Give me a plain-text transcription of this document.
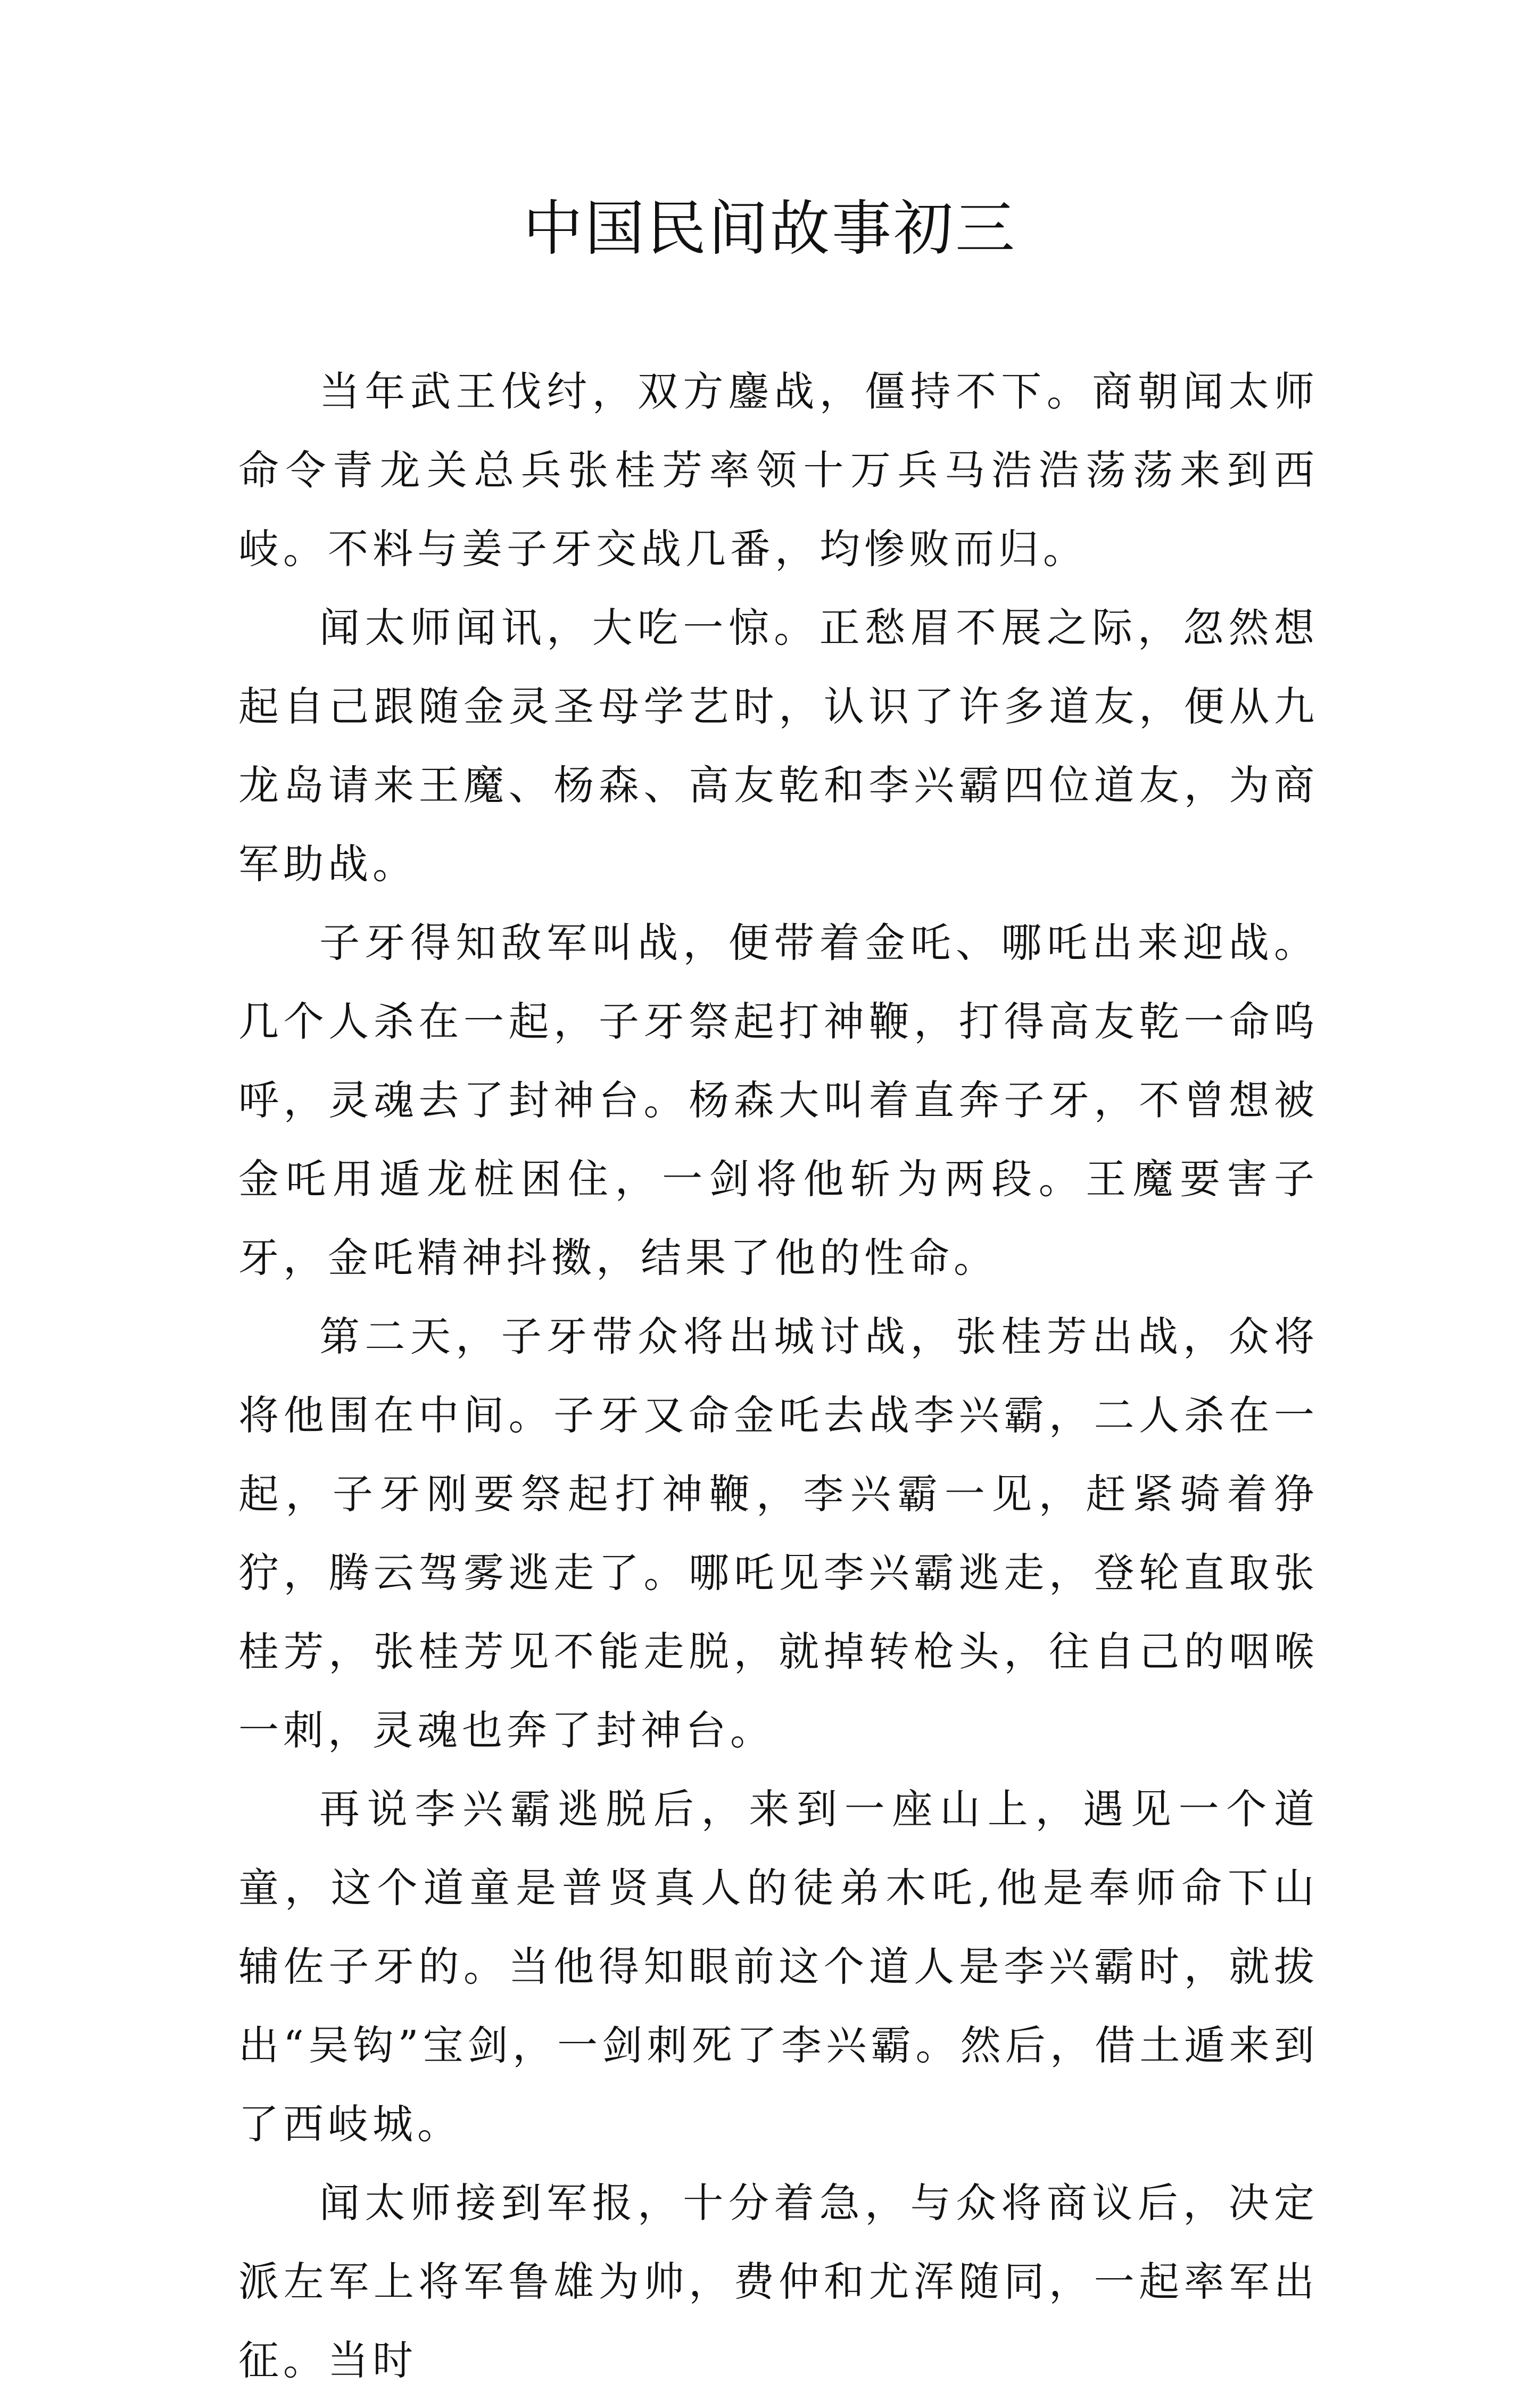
中国民间故事初三

当年武王伐纣，双方鏖战，僵持不下。商朝闻太师命令青龙关总兵张桂芳率领十万兵马浩浩荡荡来到西岐。不料与姜子牙交战几番，均惨败而归。

闻太师闻讯，大吃一惊。正愁眉不展之际，忽然想起自己跟随金灵圣母学艺时，认识了许多道友，便从九龙岛请来王魔、杨森、高友乾和李兴霸四位道友，为商军助战。

子牙得知敌军叫战，便带着金吒、哪吒出来迎战。几个人杀在一起，子牙祭起打神鞭，打得高友乾一命呜呼，灵魂去了封神台。杨森大叫着直奔子牙，不曾想被金吒用遁龙桩困住，一剑将他斩为两段。王魔要害子牙，金吒精神抖擞，结果了他的性命。

第二天，子牙带众将出城讨战，张桂芳出战，众将将他围在中间。子牙又命金吒去战李兴霸，二人杀在一起，子牙刚要祭起打神鞭，李兴霸一见，赶紧骑着狰狞，腾云驾雾逃走了。哪吒见李兴霸逃走，登轮直取张桂芳，张桂芳见不能走脱，就掉转枪头，往自己的咽喉一刺，灵魂也奔了封神台。

再说李兴霸逃脱后，来到一座山上，遇见一个道童，这个道童是普贤真人的徒弟木吒,他是奉师命下山辅佐子牙的。当他得知眼前这个道人是李兴霸时，就拔出“吴钩”宝剑，一剑刺死了李兴霸。然后，借土遁来到了西岐城。

闻太师接到军报，十分着急，与众将商议后，决定派左军上将军鲁雄为帅，费仲和尤浑随同，一起率军出征。当时
